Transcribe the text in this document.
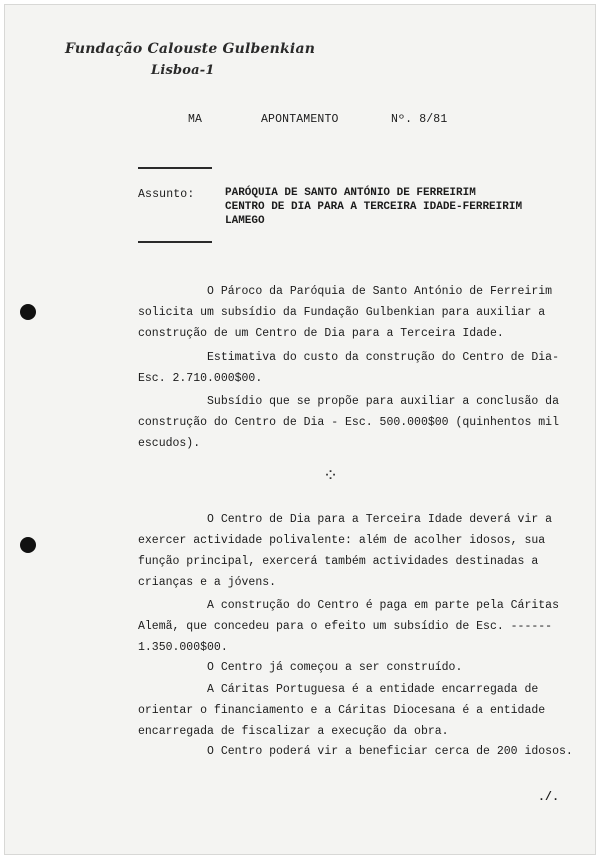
Fundação Calouste Gulbenkian
Lisboa-1
MA	APONTAMENTO	Nº. 8/81
Assunto:	PARÓQUIA DE SANTO ANTÓNIO DE FERREIRIM
CENTRO DE DIA PARA A TERCEIRA IDADE-FERREIRIM
LAMEGO
O Pároco da Paróquia de Santo António de Ferreirim
solicita um subsídio da Fundação Gulbenkian para auxiliar a
construção de um Centro de Dia para a Terceira Idade.
Estimativa do custo da construção do Centro de Dia-
Esc. 2.710.000$00.
Subsídio que se propõe para auxiliar a conclusão da
construção do Centro de Dia - Esc. 500.000$00 (quinhentos mil
escudos).
⁘
O Centro de Dia para a Terceira Idade deverá vir a
exercer actividade polivalente: além de acolher idosos, sua
função principal, exercerá também actividades destinadas a
crianças e a jóvens.
A construção do Centro é paga em parte pela Cáritas
Alemã, que concedeu para o efeito um subsídio de Esc. ------
1.350.000$00.
O Centro já começou a ser construído.
A Cáritas Portuguesa é a entidade encarregada de
orientar o financiamento e a Cáritas Diocesana é a entidade
encarregada de fiscalizar a execução da obra.
O Centro poderá vir a beneficiar cerca de 200 idosos.
./.
